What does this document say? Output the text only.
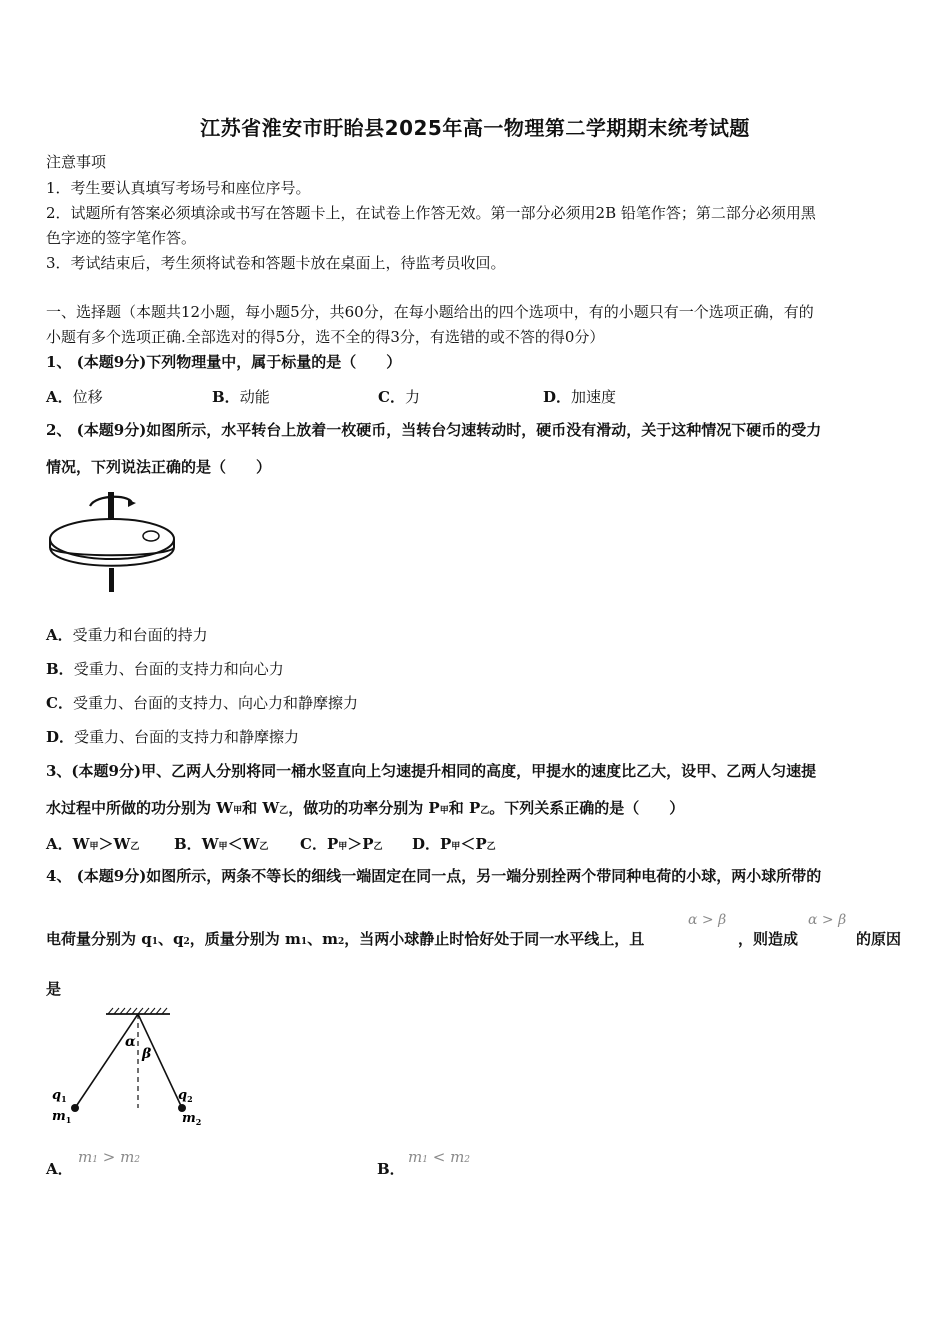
江苏省淮安市盱眙县2025年高一物理第二学期期末统考试题
注意事项
1．考生要认真填写考场号和座位序号。
2．试题所有答案必须填涂或书写在答题卡上，在试卷上作答无效。第一部分必须用2B 铅笔作答；第二部分必须用黑
色字迹的签字笔作答。
3．考试结束后，考生须将试卷和答题卡放在桌面上，待监考员收回。
一、选择题（本题共12小题，每小题5分，共60分，在每小题给出的四个选项中，有的小题只有一个选项正确，有的
小题有多个选项正确.全部选对的得5分，选不全的得3分，有选错的或不答的得0分）
1、 (本题9分)下列物理量中，属于标量的是（　　）
A．位移	B．动能	C．力	D．加速度
2、 (本题9分)如图所示，水平转台上放着一枚硬币，当转台匀速转动时，硬币没有滑动，关于这种情况下硬币的受力
情况，下列说法正确的是（　　）
A．受重力和台面的持力
B．受重力、台面的支持力和向心力
C．受重力、台面的支持力、向心力和静摩擦力
D．受重力、台面的支持力和静摩擦力
3、(本题9分)甲、乙两人分别将同一桶水竖直向上匀速提升相同的高度，甲提水的速度比乙大，设甲、乙两人匀速提
水过程中所做的功分别为 W甲和 W乙，做功的功率分别为 P甲和 P乙。下列关系正确的是（　　）
A．W甲＞W乙 B．W甲＜W乙 C．P甲＞P乙 D．P甲＜P乙
4、 (本题9分)如图所示，两条不等长的细线一端固定在同一点，另一端分别拴两个带同种电荷的小球，两小球所带的
电荷量分别为 q1、q2，质量分别为 m1、m2，当两小球静止时恰好处于同一水平线上，且
α > β
，则造成
α > β
的原因
是
α
β
$q_1$
$m_1$
$q_2$
$m_2$
A．
m1 > m2	B．
m1 < m2
